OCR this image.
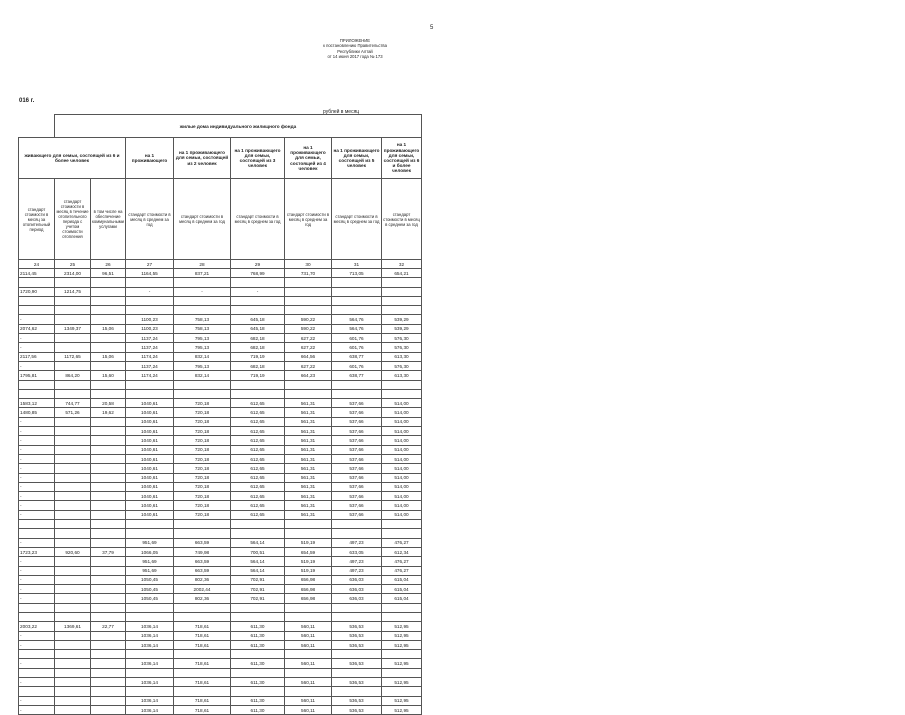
5
ПРИЛОЖЕНИЕ
к постановлению Правительства
Республики Алтай
от 14 июня 2017 года № 173
016 г.
рублей в месяц
	жилые дома индивидуального жилищного фонда							
живающего для семьи, состоящей из 6 и более человек			на 1 проживающего	на 1 проживающего для семьи, состоящей из 2 человек	на 1 проживающего для семьи, состоящей из 3 человек	на 1 проживающего для семьи, состоящей из 4 человек	на 1 проживающего для семьи, состоящей из 5 человек	на 1 проживающего для семьи, состоящей из 6 и более человек
стандарт стоимости в месяц за отопительный период	стандарт стоимости в месяц в течение отопительного периода с учетом стоимости отопления	в том числе на обеспечение коммунальными услугами	стандарт стоимости в месяц в среднем за год	стандарт стоимости в месяц в среднем за год	стандарт стоимости в месяц в среднем за год	стандарт стоимости в месяц в среднем за год	стандарт стоимости в месяц в среднем за год	стандарт стоимости в месяц в среднем за год
24	25	26	27	28	29	30	31	32
2114,45	2314,00	96,51	1164,55	837,21	768,99	731,70	713,05	654,21

1720,90	1214,75		-	-	-			

-			1100,23	758,13	645,18	590,22	564,76	539,29
2074,62	1349,37	15,06	1100,23	758,13	645,18	590,22	564,76	539,29
-			1137,24	795,13	682,18	627,22	601,76	576,30
-			1137,24	795,13	682,18	627,22	601,76	576,30
2117,56	1172,65	15,06	1174,24	832,14	719,19	664,56	638,77	613,30
-			1137,24	795,13	682,18	627,22	601,76	576,30
1795,81	864,20	15,60	1174,24	832,14	719,19	664,23	638,77	613,30

1583,12	744,77	20,58	1040,61	720,18	612,65	561,31	537,66	514,00
1480,85	571,26	19,62	1040,61	720,18	612,65	561,31	537,66	514,00
-			1040,61	720,18	612,65	561,31	537,66	514,00
-			1040,61	720,18	612,65	561,31	537,66	514,00
-			1040,61	720,18	612,65	561,31	537,66	514,00
-			1040,61	720,18	612,65	561,31	537,66	514,00
-			1040,61	720,18	612,65	561,31	537,66	514,00
-			1040,61	720,18	612,65	561,31	537,66	514,00
-			1040,61	720,18	612,65	561,31	537,66	514,00
-			1040,61	720,18	612,65	561,31	537,66	514,00
-			1040,61	720,18	612,65	561,31	537,66	514,00
-			1040,61	720,18	612,65	561,31	537,66	514,00
-			1040,61	720,18	612,65	561,31	537,66	514,00

-			951,69	663,59	564,14	519,19	497,23	476,27
1723,23	920,60	37,79	1066,05	749,98	700,51	654,59	633,05	612,34
-			951,69	663,59	564,14	519,19	497,23	476,27
-			951,69	663,59	564,14	519,19	497,23	476,27
-			1050,45	802,36	702,91	656,98	636,03	615,04
-			1050,45	2002,44	702,91	656,98	636,03	615,04
-			1050,45	802,36	702,91	656,98	636,03	615,04

2003,22	1369,61	22,77	1036,14	718,61	611,30	560,11	536,53	512,95
-			1036,14	718,61	611,30	560,11	536,53	512,95
-			1036,14	718,61	611,30	560,11	536,53	512,95

-			1036,14	718,61	611,30	560,11	536,53	512,95

-			1036,14	718,61	611,30	560,11	536,53	512,95

-			1036,14	718,61	611,30	560,11	536,53	512,95
-			1036,14	718,61	611,30	560,11	536,53	512,95
